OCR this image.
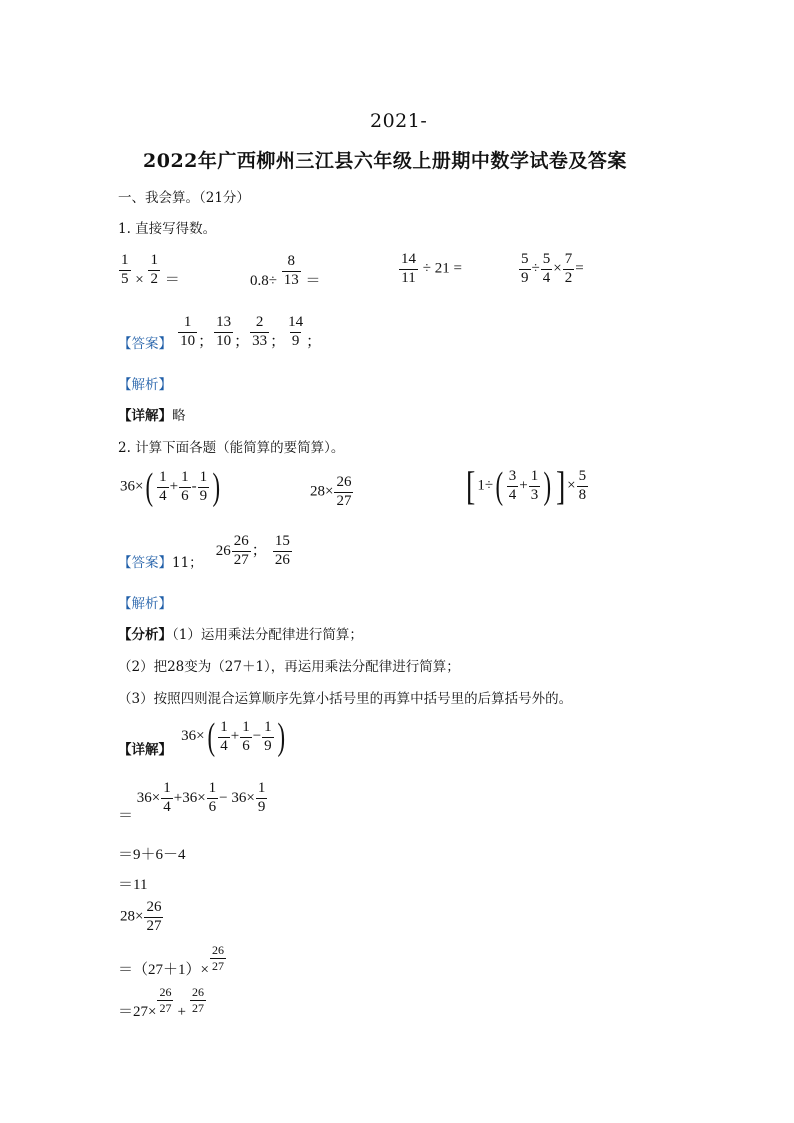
2021-
2022年广西柳州三江县六年级上册期中数学试卷及答案
一、我会算。（21分）
1. 直接写得数。
$\frac{1}{5} \times \frac{1}{2}$ ＝	$0.8\div \frac{8}{13}$ ＝	$\frac{14}{11} \div 21$ =	$\frac{5}{9} \div \frac{5}{4} \times \frac{7}{2}$ =
$_{【答案】} \frac{1}{10}$ ； $\frac{13}{10}$ ； $\frac{2}{33}$ ； $\frac{14}{9}$ ；
【解析】
【详解】略
2. 计算下面各题（能简算的要简算）。
$36\times( \frac{1}{4} + \frac{1}{6} - \frac{1}{9}$ )	$28\times \frac{26}{27}$	[ $1\div( \frac{3}{4} + \frac{1}{3}$ ) ] × $\frac{5}{8}$
$_{【答案】11;}$ $26 \frac{26}{27}$ ； $\frac{15}{26}$
【解析】
【分析】（1）运用乘法分配律进行简算；
（2）把28变为（27＋1），再运用乘法分配律进行简算；
（3）按照四则混合运算顺序先算小括号里的再算中括号里的后算括号外的。
$_{【详解】}$ $36\times( \frac{1}{4} + \frac{1}{6} - \frac{1}{9}$ )
＝ $36\times \frac{1}{4} +36\times \frac{1}{6} - 36\times \frac{1}{9}$
＝9＋6－4
＝11
$28\times \frac{26}{27}$
$=(27+1)\times \frac{26}{27}$
$=27\times \frac{26}{27} + \frac{26}{27}$
